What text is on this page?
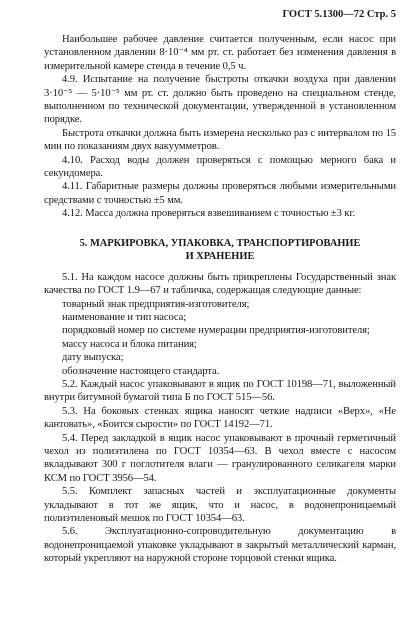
ГОСТ 5.1300—72 Стр. 5

Наибольшее рабочее давление считается полученным, если насос при установленном давлении 8·10⁻⁴ мм рт. ст. работает без изменения давления в измерительной камере стенда в течение 0,5 ч.

4.9. Испытание на получение быстроты откачки воздуха при давлении 3·10⁻⁵ — 5·10⁻⁵ мм рт. ст. должно быть проведено на специальном стенде, выполненном по технической документации, утвержденной в установленном порядке.

Быстрота откачки должна быть измерена несколько раз с интервалом по 15 мин по показаниям двух вакуумметров.

4.10. Расход воды должен проверяться с помощью мерного бака и секундомера.

4.11. Габаритные размеры должны проверяться любыми измерительными средствами с точностью ±5 мм.

4.12. Масса должна проверяться взвешиванием с точностью ±3 кг.

5. МАРКИРОВКА, УПАКОВКА, ТРАНСПОРТИРОВАНИЕ
И ХРАНЕНИЕ

5.1. На каждом насосе должны быть прикреплены Государственный знак качества по ГОСТ 1.9—67 и табличка, содержащая следующие данные:

товарный знак предприятия-изготовителя;

наименование и тип насоса;

порядковый номер по системе нумерации предприятия-изготовителя;

массу насоса и блока питания;

дату выпуска;

обозначение настоящего стандарта.

5.2. Каждый насос упаковывают в ящик по ГОСТ 10198—71, выложенный внутри битумной бумагой типа Б по ГОСТ 515—56.

5.3. На боковых стенках ящика наносят четкие надписи «Верх», «Не кантовать», «Боится сырости» по ГОСТ 14192—71.

5.4. Перед закладкой в ящик насос упаковывают в прочный герметичный чехол из полиэтилена по ГОСТ 10354—63. В чехол вместе с насосом вкладывают 300 г поглотителя влаги — гранулированного селикагеля марки КСМ по ГОСТ 3956—54.

5.5. Комплект запасных частей и эксплуатационные документы укладывают в тот же ящик, что и насос, в водонепроницаемый полиэтиленовый мешок по ГОСТ 10354—63.

5.6. Эксплуатационно-сопроводительную документацию в водонепроницаемой упаковке укладывают в закрытый металлический карман, который укрепляют на наружной стороне торцовой стенки ящика.
